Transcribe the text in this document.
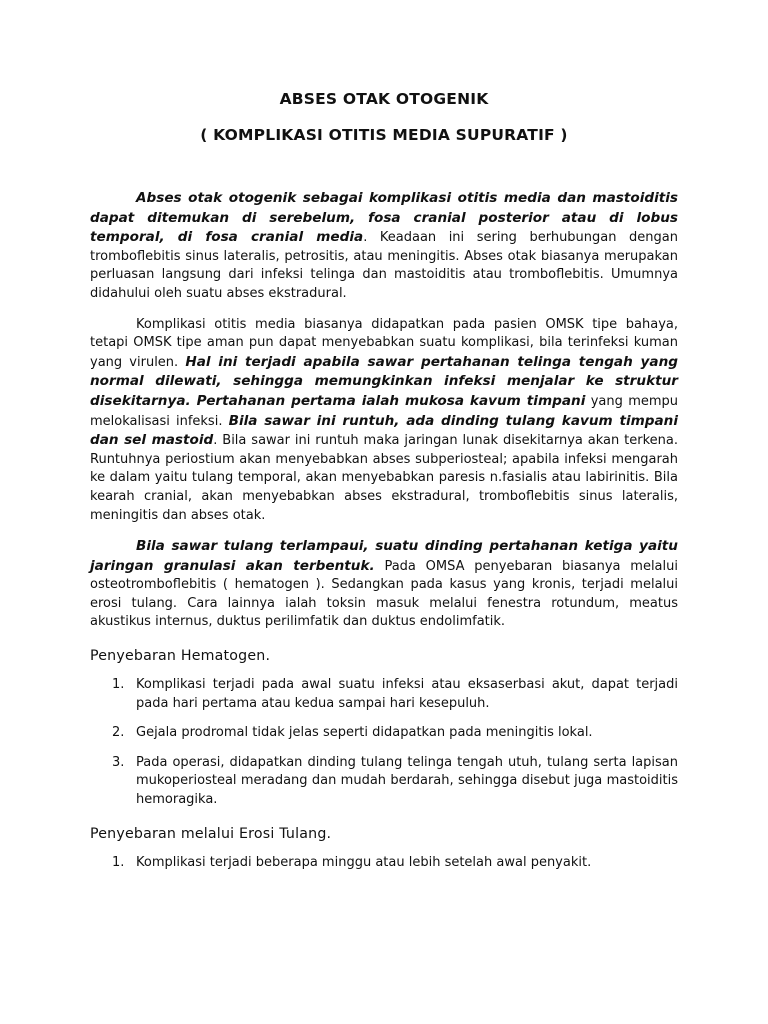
ABSES OTAK OTOGENIK

( KOMPLIKASI OTITIS MEDIA SUPURATIF )

Abses otak otogenik sebagai komplikasi otitis media dan mastoiditis dapat ditemukan di serebelum, fosa cranial posterior atau di lobus temporal, di fosa cranial media. Keadaan ini sering berhubungan dengan tromboflebitis sinus lateralis, petrositis, atau meningitis. Abses otak biasanya merupakan perluasan langsung dari infeksi telinga dan mastoiditis atau tromboflebitis. Umumnya didahului oleh suatu abses ekstradural.

Komplikasi otitis media biasanya didapatkan pada pasien OMSK tipe bahaya, tetapi OMSK tipe aman pun dapat menyebabkan suatu komplikasi, bila terinfeksi kuman yang virulen. Hal ini terjadi apabila sawar pertahanan telinga tengah yang normal dilewati, sehingga memungkinkan infeksi menjalar ke struktur disekitarnya. Pertahanan pertama ialah mukosa kavum timpani yang mempu melokalisasi infeksi. Bila sawar ini runtuh, ada dinding tulang kavum timpani dan sel mastoid. Bila sawar ini runtuh maka jaringan lunak disekitarnya akan terkena. Runtuhnya periostium akan menyebabkan abses subperiosteal; apabila infeksi mengarah ke dalam yaitu tulang temporal, akan menyebabkan paresis n.fasialis atau labirinitis. Bila kearah cranial, akan menyebabkan abses ekstradural, tromboflebitis sinus lateralis, meningitis dan abses otak.

Bila sawar tulang terlampaui, suatu dinding pertahanan ketiga yaitu jaringan granulasi akan terbentuk. Pada OMSA penyebaran biasanya melalui osteotromboflebitis ( hematogen ). Sedangkan pada kasus yang kronis, terjadi melalui erosi tulang. Cara lainnya ialah toksin masuk melalui fenestra rotundum, meatus akustikus internus, duktus perilimfatik dan duktus endolimfatik.

Penyebaran Hematogen.
1. Komplikasi terjadi pada awal suatu infeksi atau eksaserbasi akut, dapat terjadi pada hari pertama atau kedua sampai hari kesepuluh.
2. Gejala prodromal tidak jelas seperti didapatkan pada meningitis lokal.
3. Pada operasi, didapatkan dinding tulang telinga tengah utuh, tulang serta lapisan mukoperiosteal meradang dan mudah berdarah, sehingga disebut juga mastoiditis hemoragika.
Penyebaran melalui Erosi Tulang.
1. Komplikasi terjadi beberapa minggu atau lebih setelah awal penyakit.
